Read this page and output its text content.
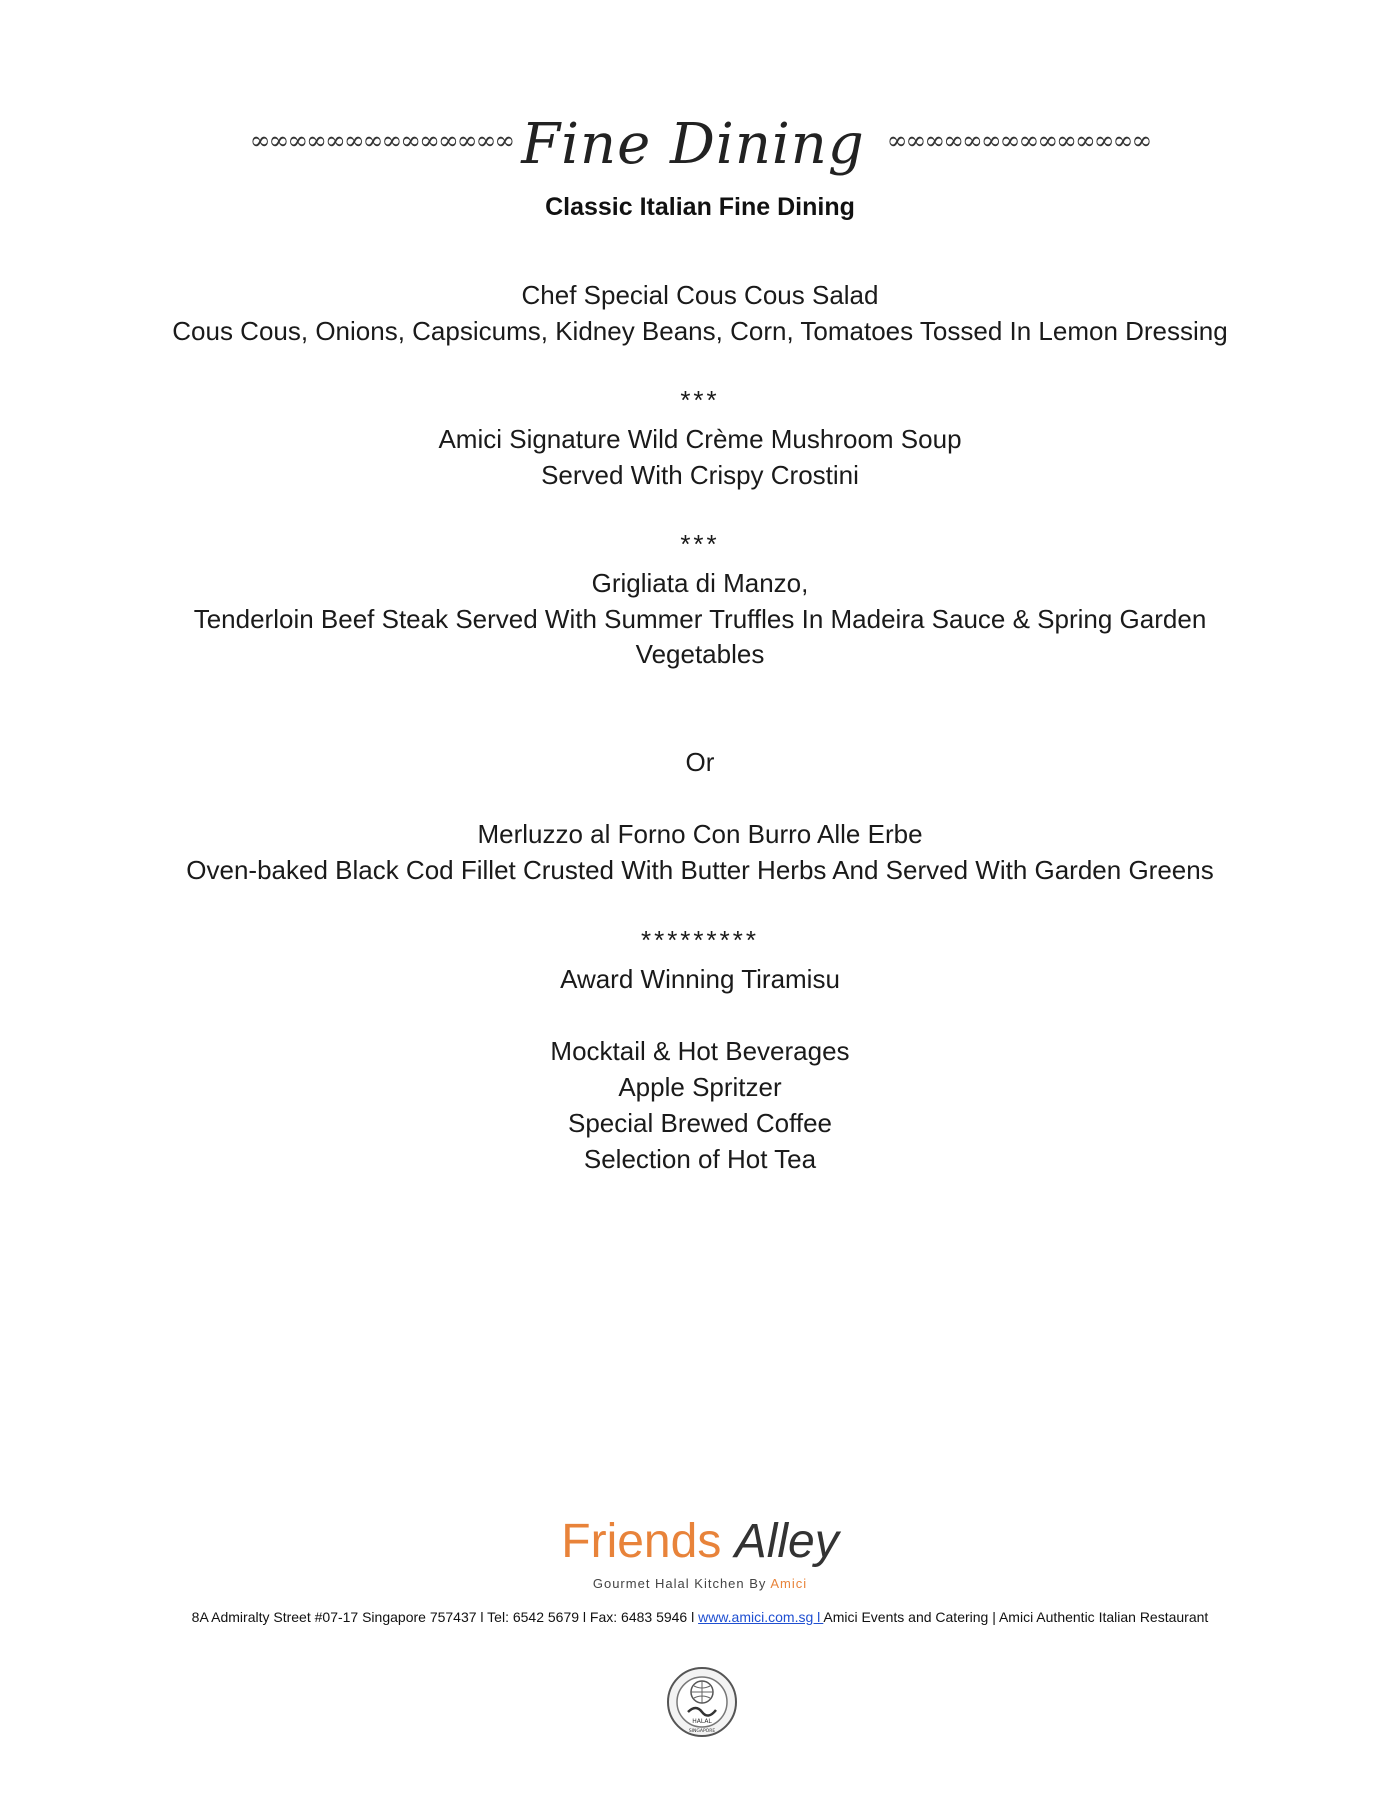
∞∞∞∞∞∞∞∞∞∞∞∞∞∞ Fine Dining ∞∞∞∞∞∞∞∞∞∞∞∞∞∞
Classic Italian Fine Dining
Chef Special Cous Cous Salad
Cous Cous, Onions, Capsicums, Kidney Beans, Corn, Tomatoes Tossed In Lemon Dressing
***
Amici Signature Wild Crème Mushroom Soup
Served With Crispy Crostini
***
Grigliata di Manzo,
Tenderloin Beef Steak Served With Summer Truffles In Madeira Sauce & Spring Garden
Vegetables
Or
Merluzzo al Forno Con Burro Alle Erbe
Oven-baked Black Cod Fillet Crusted With Butter Herbs And Served With Garden Greens
*********
Award Winning Tiramisu
Mocktail & Hot Beverages
Apple Spritzer
Special Brewed Coffee
Selection of Hot Tea
Friends Alley
Gourmet Halal Kitchen By Amici
8A Admiralty Street #07-17 Singapore 757437 l Tel: 6542 5679 l Fax: 6483 5946 l www.amici.com.sg l Amici Events and Catering | Amici Authentic Italian Restaurant
HALAL
SINGAPORE
